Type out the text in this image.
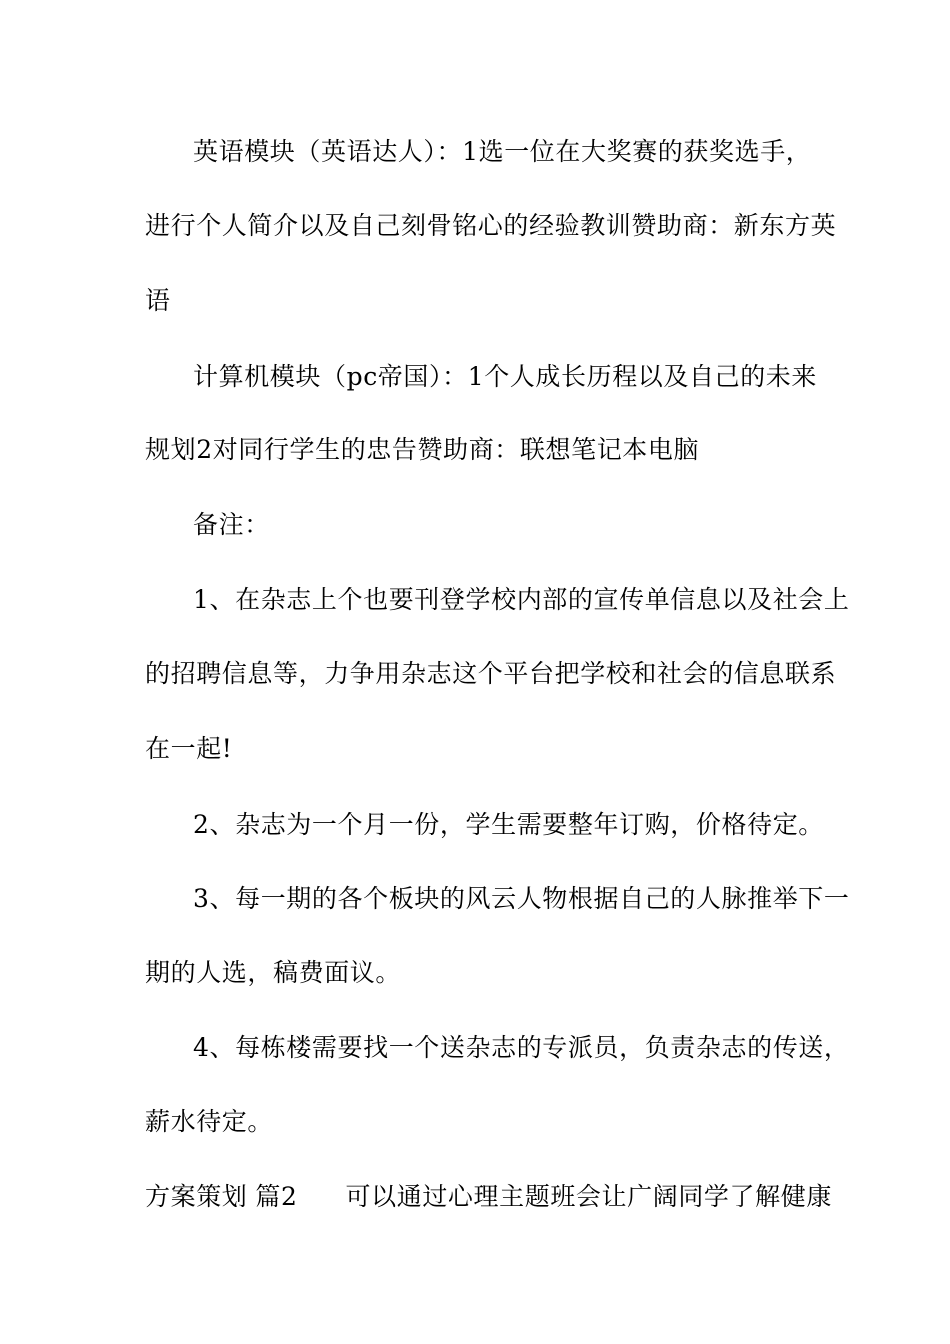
英语模块（英语达人）：1选一位在大奖赛的获奖选手，
进行个人简介以及自己刻骨铭心的经验教训赞助商：新东方英
语
计算机模块（pc帝国）：1个人成长历程以及自己的未来
规划2对同行学生的忠告赞助商：联想笔记本电脑
备注：
1、在杂志上个也要刊登学校内部的宣传单信息以及社会上
的招聘信息等，力争用杂志这个平台把学校和社会的信息联系
在一起!
2、杂志为一个月一份，学生需要整年订购，价格待定。
3、每一期的各个板块的风云人物根据自己的人脉推举下一
期的人选，稿费面议。
4、每栋楼需要找一个送杂志的专派员，负责杂志的传送，
薪水待定。
方案策划 篇2 可以通过心理主题班会让广阔同学了解健康
